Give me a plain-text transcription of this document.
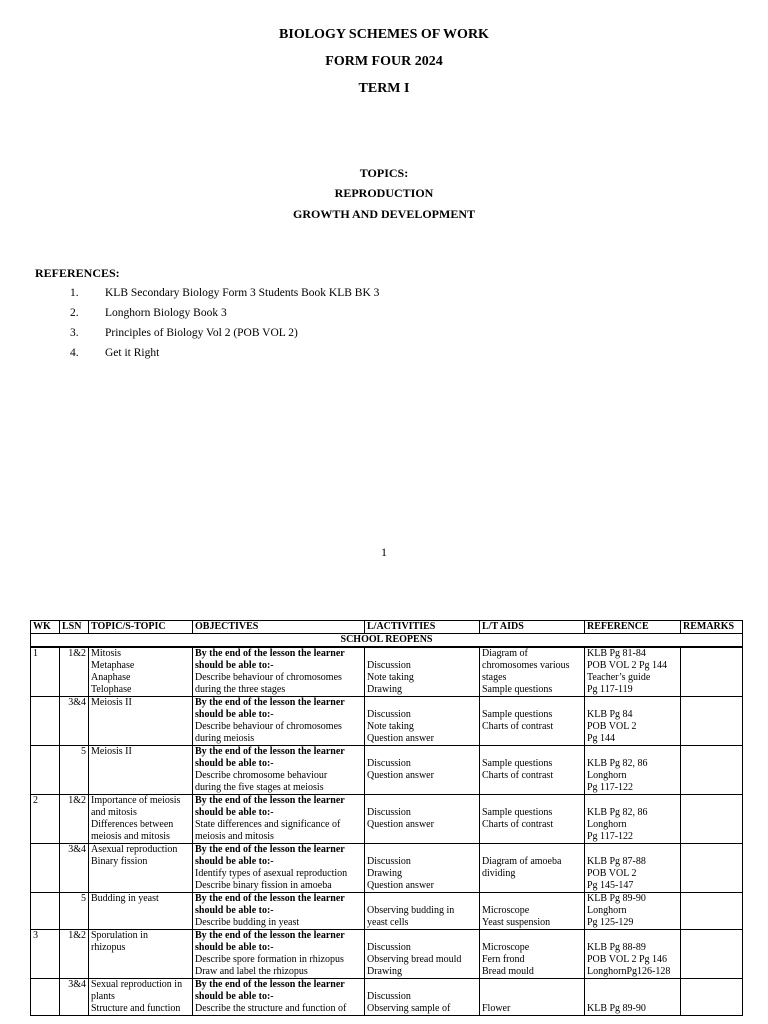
BIOLOGY SCHEMES OF WORK
FORM FOUR 2024
TERM I
TOPICS:
REPRODUCTION
GROWTH AND DEVELOPMENT
REFERENCES:
1. KLB Secondary Biology Form 3 Students Book KLB BK 3
2. Longhorn Biology Book 3
3. Principles of Biology Vol 2 (POB VOL 2)
4. Get it Right
1
WK	LSN	TOPIC/S-TOPIC	OBJECTIVES	L/ACTIVITIES	L/T AIDS	REFERENCE	REMARKS
SCHOOL REOPENS							
1	1&2	Mitosis
Metaphase
Anaphase
Telophase	By the end of the lesson the learner
should be able to:-
Describe behaviour of chromosomes
during the three stages	Discussion
Note taking
Drawing	Diagram of
chromosomes various
stages
Sample questions	KLB Pg 81-84
POB VOL 2 Pg 144
Teacher’s guide
Pg 117-119	

	3&4	Meiosis II	By the end of the lesson the learner
should be able to:-
Describe behaviour of chromosomes
during meiosis	Discussion
Note taking
Question answer	Sample questions
Charts of contrast	KLB Pg 84
POB VOL 2
Pg 144	

	5	Meiosis II	By the end of the lesson the learner
should be able to:-
Describe chromosome behaviour
during the five stages at meiosis	Discussion
Question answer	Sample questions
Charts of contrast	KLB Pg 82, 86
Longhorn
Pg 117-122	

2	1&2	Importance of meiosis
and mitosis
Differences between
meiosis and mitosis	By the end of the lesson the learner
should be able to:-
State differences and significance of
meiosis and mitosis	Discussion
Question answer	Sample questions
Charts of contrast	KLB Pg 82, 86
Longhorn
Pg 117-122	

	3&4	Asexual reproduction
Binary fission	By the end of the lesson the learner
should be able to:-
Identify types of asexual reproduction
Describe binary fission in amoeba	Discussion
Drawing
Question answer	Diagram of amoeba
dividing	KLB Pg 87-88
POB VOL 2
Pg 145-147	

	5	Budding in yeast	By the end of the lesson the learner
should be able to:-
Describe budding in yeast	Observing budding in
yeast cells	Microscope
Yeast suspension	KLB Pg 89-90
Longhorn
Pg 125-129	

3	1&2	Sporulation in
rhizopus	By the end of the lesson the learner
should be able to:-
Describe spore formation in rhizopus
Draw and label the rhizopus	Discussion
Observing bread mould
Drawing	Microscope
Fern frond
Bread mould	KLB Pg 88-89
POB VOL 2 Pg 146
LonghornPg126-128	

	3&4	Sexual reproduction in
plants
Structure and function	By the end of the lesson the learner
should be able to:-
Describe the structure and function of	Discussion
Observing sample of	Flower	KLB Pg 89-90	
